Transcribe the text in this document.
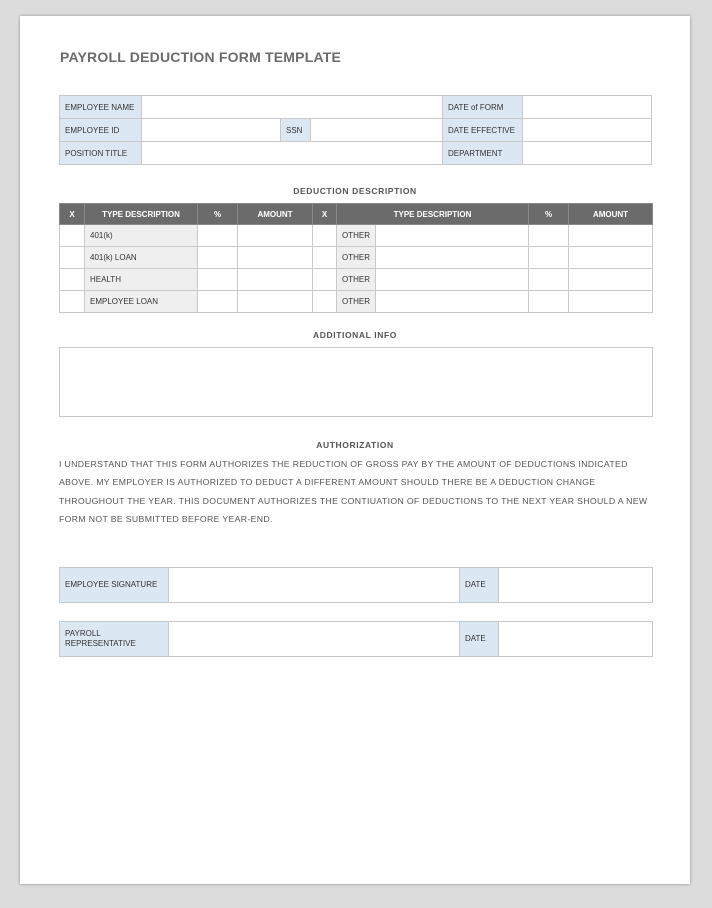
PAYROLL DEDUCTION FORM TEMPLATE
EMPLOYEE NAME				DATE of FORM	
EMPLOYEE ID		SSN		DATE EFFECTIVE	
POSITION TITLE				DEPARTMENT	
DEDUCTION DESCRIPTION
X	TYPE DESCRIPTION	%	AMOUNT	X	TYPE DESCRIPTION		%	AMOUNT
	401(k)				OTHER			
	401(k) LOAN				OTHER			
	HEALTH				OTHER			
	EMPLOYEE LOAN				OTHER			
ADDITIONAL INFO
AUTHORIZATION
I UNDERSTAND THAT THIS FORM AUTHORIZES THE REDUCTION OF GROSS PAY BY THE AMOUNT OF DEDUCTIONS INDICATED ABOVE. MY EMPLOYER IS AUTHORIZED TO DEDUCT A DIFFERENT AMOUNT SHOULD THERE BE A DEDUCTION CHANGE THROUGHOUT THE YEAR. THIS DOCUMENT AUTHORIZES THE CONTIUATION OF DEDUCTIONS TO THE NEXT YEAR SHOULD A NEW FORM NOT BE SUBMITTED BEFORE YEAR-END.
EMPLOYEE SIGNATURE		DATE	
PAYROLL REPRESENTATIVE		DATE	
